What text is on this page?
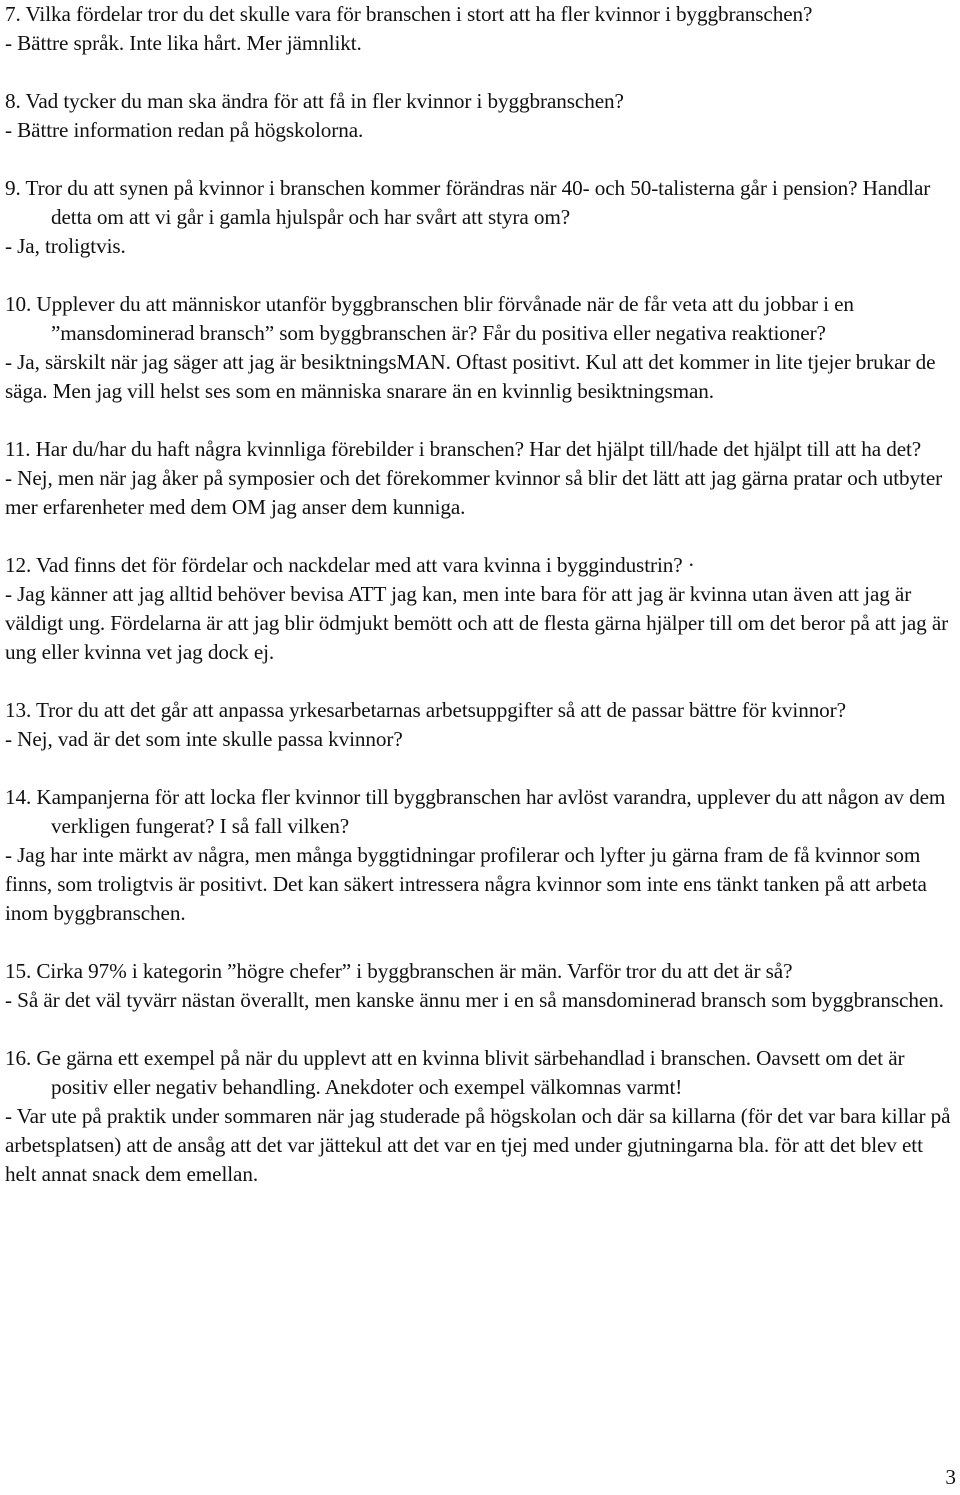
7. Vilka fördelar tror du det skulle vara för branschen i stort att ha fler kvinnor i byggbranschen?

- Bättre språk. Inte lika hårt. Mer jämnlikt.

8. Vad tycker du man ska ändra för att få in fler kvinnor i byggbranschen?

- Bättre information redan på högskolorna.

9. Tror du att synen på kvinnor i branschen kommer förändras när 40- och 50-talisterna går i pension? Handlar detta om att vi går i gamla hjulspår och har svårt att styra om?

- Ja, troligtvis.

10. Upplever du att människor utanför byggbranschen blir förvånade när de får veta att du jobbar i en ”mansdominerad bransch” som byggbranschen är? Får du positiva eller negativa reaktioner?

- Ja, särskilt när jag säger att jag är besiktningsMAN. Oftast positivt. Kul att det kommer in lite tjejer brukar de säga. Men jag vill helst ses som en människa snarare än en kvinnlig besiktningsman.

11. Har du/har du haft några kvinnliga förebilder i branschen? Har det hjälpt till/hade det hjälpt till att ha det?

- Nej, men när jag åker på symposier och det förekommer kvinnor så blir det lätt att jag gärna pratar och utbyter mer erfarenheter med dem OM jag anser dem kunniga.

12. Vad finns det för fördelar och nackdelar med att vara kvinna i byggindustrin? ·

- Jag känner att jag alltid behöver bevisa ATT jag kan, men inte bara för att jag är kvinna utan även att jag är väldigt ung. Fördelarna är att jag blir ödmjukt bemött och att de flesta gärna hjälper till om det beror på att jag är ung eller kvinna vet jag dock ej.

13. Tror du att det går att anpassa yrkesarbetarnas arbetsuppgifter så att de passar bättre för kvinnor?

- Nej, vad är det som inte skulle passa kvinnor?

14. Kampanjerna för att locka fler kvinnor till byggbranschen har avlöst varandra, upplever du att någon av dem verkligen fungerat? I så fall vilken?

- Jag har inte märkt av några, men många byggtidningar profilerar och lyfter ju gärna fram de få kvinnor som finns, som troligtvis är positivt. Det kan säkert intressera några kvinnor som inte ens tänkt tanken på att arbeta inom byggbranschen.

15. Cirka 97% i kategorin ”högre chefer” i byggbranschen är män. Varför tror du att det är så?

- Så är det väl tyvärr nästan överallt, men kanske ännu mer i en så mansdominerad bransch som byggbranschen.

16. Ge gärna ett exempel på när du upplevt att en kvinna blivit särbehandlad i branschen. Oavsett om det är positiv eller negativ behandling. Anekdoter och exempel välkomnas varmt!

- Var ute på praktik under sommaren när jag studerade på högskolan och där sa killarna (för det var bara killar på arbetsplatsen) att de ansåg att det var jättekul att det var en tjej med under gjutningarna bla. för att det blev ett helt annat snack dem emellan.

3
